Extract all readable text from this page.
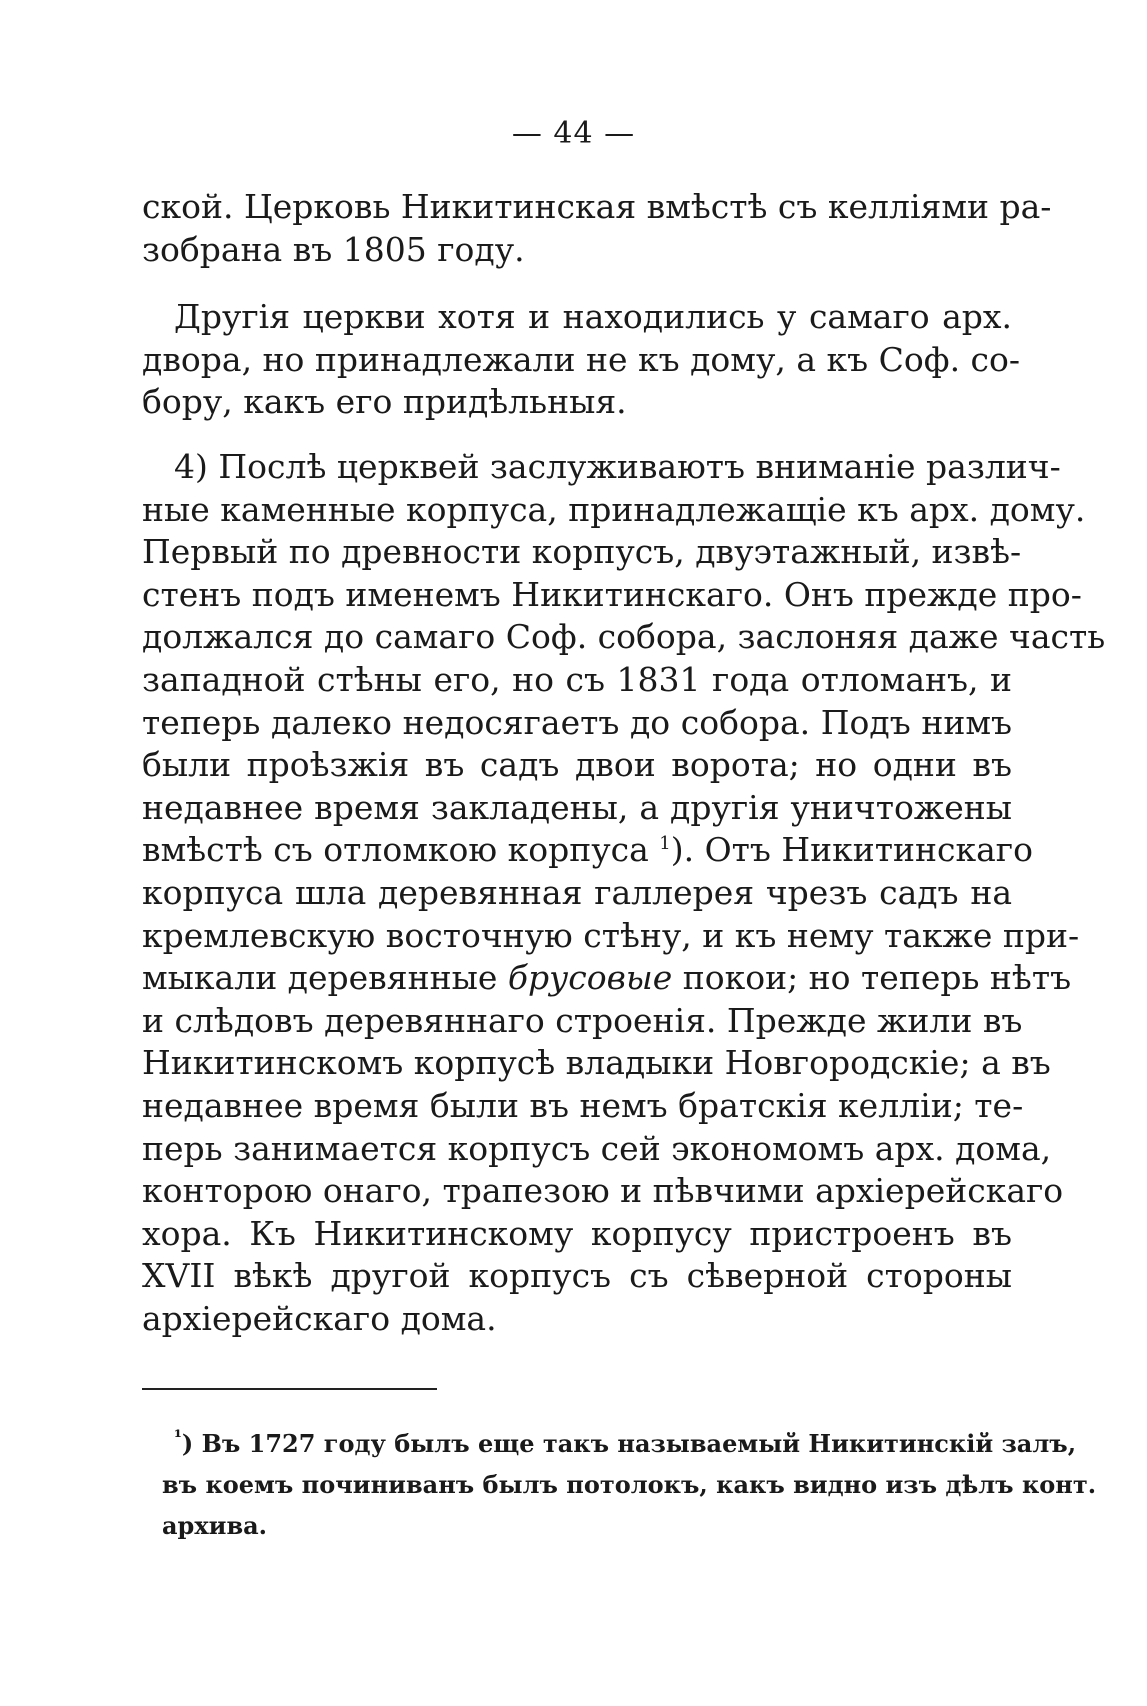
— 44 —
ской. Церковь Никитинская вмѣстѣ съ келліями ра-
зобрана въ 1805 году.
Другія церкви хотя и находились у самаго арх.
двора, но принадлежали не къ дому, а къ Соф. со-
бору, какъ его придѣльныя.
4) Послѣ церквей заслуживаютъ вниманіе различ-
ные каменные корпуса, принадлежащіе къ арх. дому.
Первый по древности корпусъ, двуэтажный, извѣ-
стенъ подъ именемъ Никитинскаго. Онъ прежде про-
должался до самаго Соф. собора, заслоняя даже часть
западной стѣны его, но съ 1831 года отломанъ, и
теперь далеко недосягаетъ до собора. Подъ нимъ
были проѣзжія въ садъ двои ворота; но одни въ
недавнее время закладены, а другія уничтожены
вмѣстѣ съ отломкою корпуса $^1$). Отъ Никитинскаго
корпуса шла деревянная галлерея чрезъ садъ на
кремлевскую восточную стѣну, и къ нему также при-
мыкали деревянные брусовые покои; но теперь нѣтъ
и слѣдовъ деревяннаго строенія. Прежде жили въ
Никитинскомъ корпусѣ владыки Новгородскіе; а въ
недавнее время были въ немъ братскія келліи; те-
перь занимается корпусъ сей экономомъ арх. дома,
конторою онаго, трапезою и пѣвчими архіерейскаго
хора. Къ Никитинскому корпусу пристроенъ въ
XVII вѣкѣ другой корпусъ съ сѣверной стороны
архіерейскаго дома.
$^{^1}$) Въ 1727 году былъ еще такъ называемый Никитинскій залъ,
въ коемъ починиванъ былъ потолокъ, какъ видно изъ дѣлъ конт.
архива.
